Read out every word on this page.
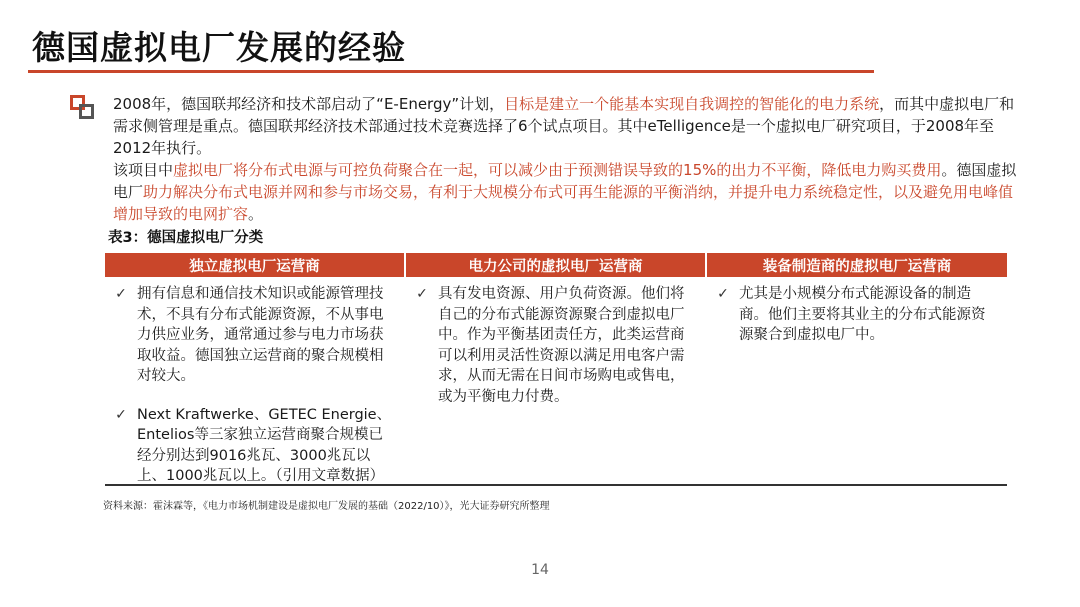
德国虚拟电厂发展的经验

2008年，德国联邦经济和技术部启动了“E-Energy”计划，目标是建立一个能基本实现自我调控的智能化的电力系统，而其中虚拟电厂和需求侧管理是重点。德国联邦经济技术部通过技术竞赛选择了6个试点项目。其中eTelligence是一个虚拟电厂研究项目，于2008年至2012年执行。

该项目中虚拟电厂将分布式电源与可控负荷聚合在一起，可以减少由于预测错误导致的15%的出力不平衡，降低电力购买费用。德国虚拟电厂助力解决分布式电源并网和参与市场交易，有利于大规模分布式可再生能源的平衡消纳，并提升电力系统稳定性，以及避免用电峰值增加导致的电网扩容。

表3：德国虚拟电厂分类
独立虚拟电厂运营商	电力公司的虚拟电厂运营商	装备制造商的虚拟电厂运营商
✓ 拥有信息和通信技术知识或能源管理技术，不具有分布式能源资源，不从事电力供应业务，通常通过参与电力市场获取收益。德国独立运营商的聚合规模相对较大。
✓ Next Kraftwerke、GETEC Energie、Entelios等三家独立运营商聚合规模已经分别达到9016兆瓦、3000兆瓦以上、1000兆瓦以上。（引用文章数据）
✓ 具有发电资源、用户负荷资源。他们将自己的分布式能源资源聚合到虚拟电厂中。作为平衡基团责任方，此类运营商可以利用灵活性资源以满足用电客户需求，从而无需在日间市场购电或售电，或为平衡电力付费。
✓ 尤其是小规模分布式能源设备的制造商。他们主要将其业主的分布式能源资源聚合到虚拟电厂中。
资料来源：霍沫霖等，《电力市场机制建设是虚拟电厂发展的基础（2022/10）》，光大证券研究所整理
14
